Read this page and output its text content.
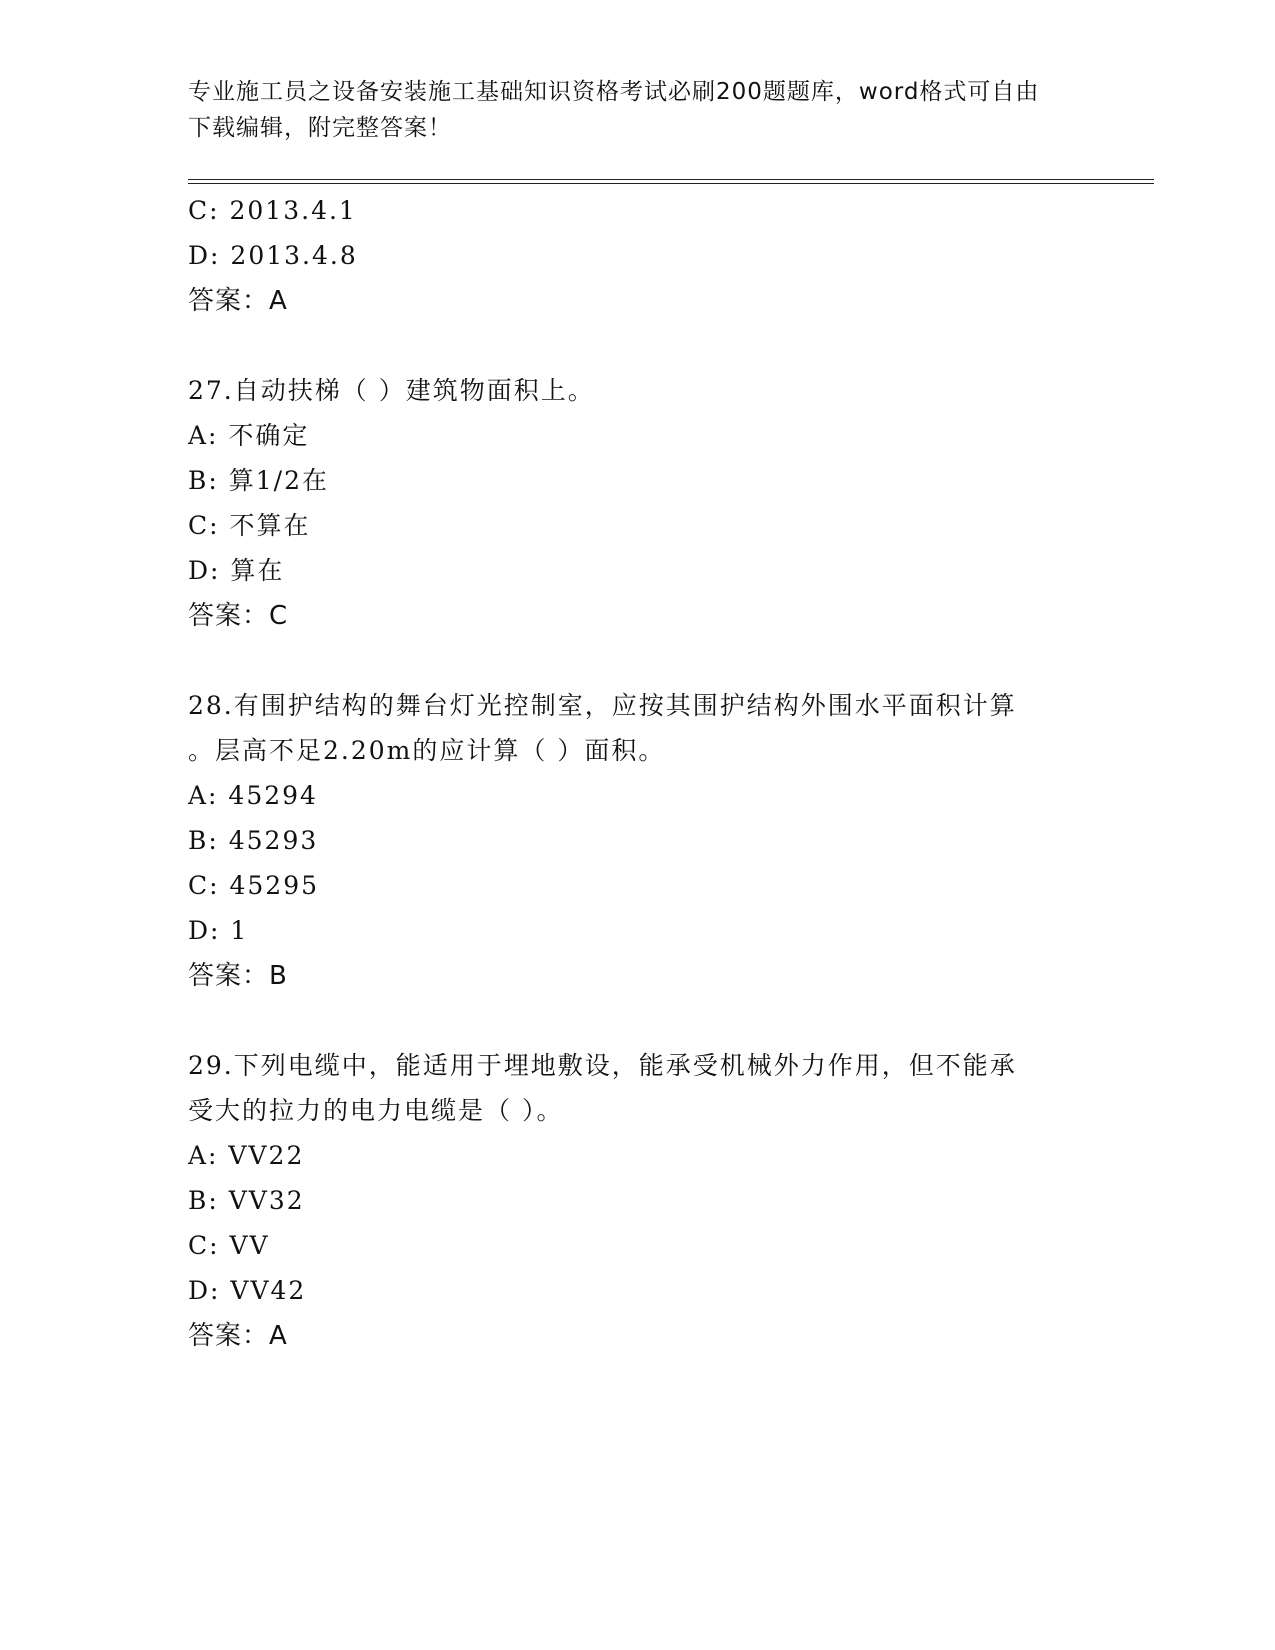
专业施工员之设备安装施工基础知识资格考试必刷200题题库，word格式可自由
下载编辑，附完整答案！
C: 2013.4.1
D: 2013.4.8
答案：A
27.自动扶梯（ ）建筑物面积上。
A: 不确定
B: 算1/2在
C: 不算在
D: 算在
答案：C
28.有围护结构的舞台灯光控制室，应按其围护结构外围水平面积计算
。层高不足2.20m的应计算（ ）面积。
A: 45294
B: 45293
C: 45295
D: 1
答案：B
29.下列电缆中，能适用于埋地敷设，能承受机械外力作用，但不能承
受大的拉力的电力电缆是（ ）。
A: VV22
B: VV32
C: VV
D: VV42
答案：A
